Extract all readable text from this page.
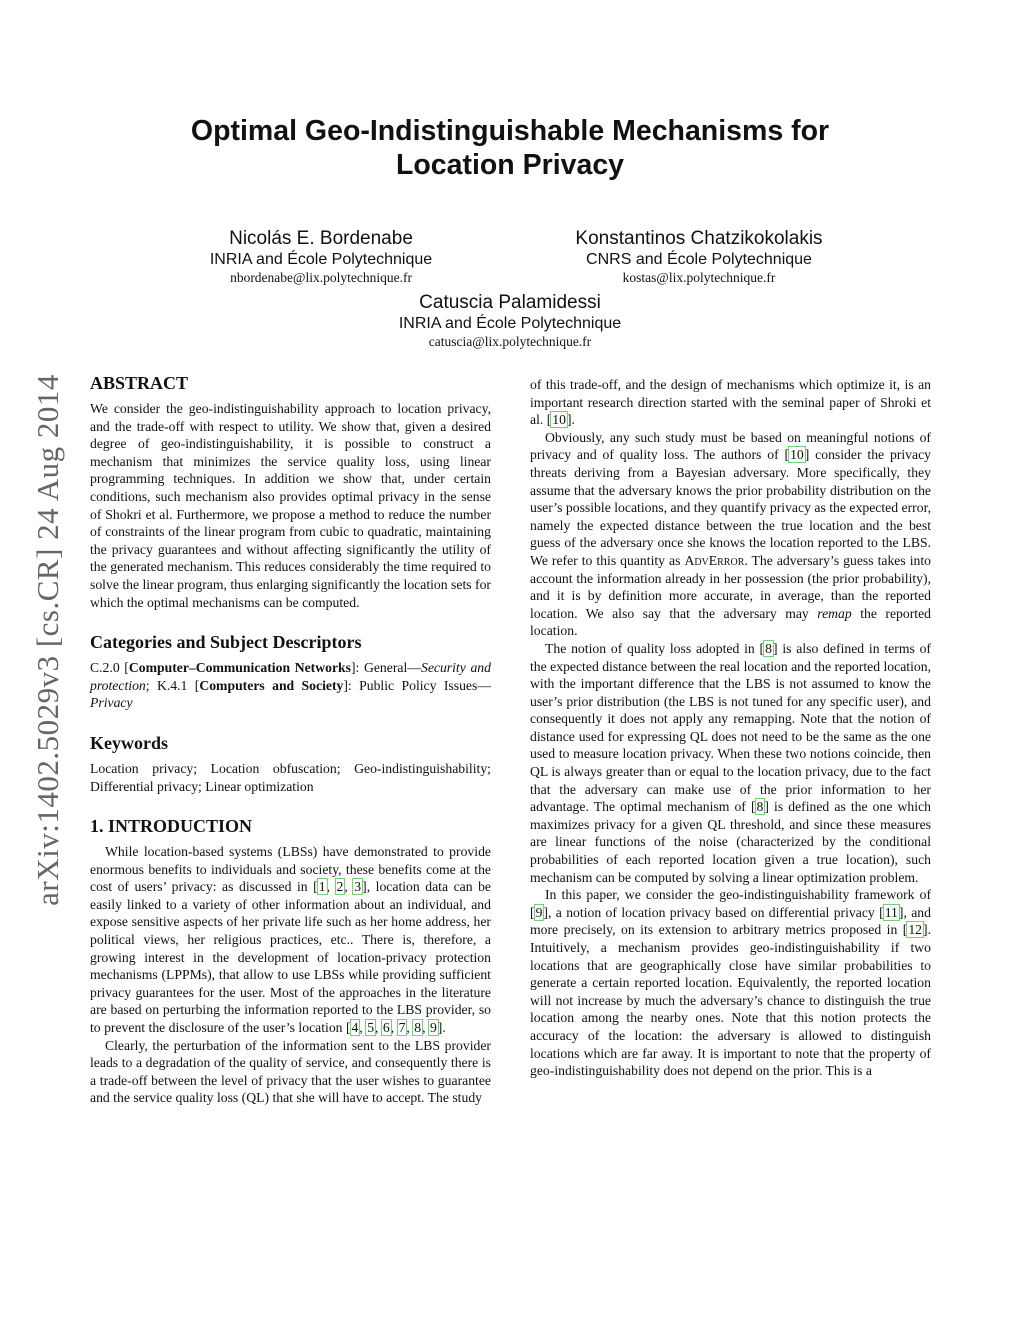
arXiv:1402.5029v3 [cs.CR] 24 Aug 2014
Optimal Geo-Indistinguishable Mechanisms for
Location Privacy
Nicolás E. Bordenabe
INRIA and École Polytechnique
nbordenabe@lix.polytechnique.fr
Konstantinos Chatzikokolakis
CNRS and École Polytechnique
kostas@lix.polytechnique.fr
Catuscia Palamidessi
INRIA and École Polytechnique
catuscia@lix.polytechnique.fr
ABSTRACT

We consider the geo-indistinguishability approach to location privacy, and the trade-off with respect to utility. We show that, given a desired degree of geo-indistinguishability, it is possible to construct a mechanism that minimizes the service quality loss, using linear programming techniques. In addition we show that, under certain conditions, such mechanism also provides optimal privacy in the sense of Shokri et al. Furthermore, we propose a method to reduce the number of constraints of the linear program from cubic to quadratic, maintaining the privacy guarantees and without affecting significantly the utility of the generated mechanism. This reduces considerably the time required to solve the linear program, thus enlarging significantly the location sets for which the optimal mechanisms can be computed.

Categories and Subject Descriptors

C.2.0 [Computer–Communication Networks]: General—Security and protection; K.4.1 [Computers and Society]: Public Policy Issues—Privacy

Keywords

Location privacy; Location obfuscation; Geo-indistinguishability; Differential privacy; Linear optimization

1. INTRODUCTION

While location-based systems (LBSs) have demonstrated to provide enormous benefits to individuals and society, these benefits come at the cost of users’ privacy: as discussed in [1, 2, 3], location data can be easily linked to a variety of other information about an individual, and expose sensitive aspects of her private life such as her home address, her political views, her religious practices, etc.. There is, therefore, a growing interest in the development of location-privacy protection mechanisms (LPPMs), that allow to use LBSs while providing sufficient privacy guarantees for the user. Most of the approaches in the literature are based on perturbing the information reported to the LBS provider, so to prevent the disclosure of the user’s location [4, 5, 6, 7, 8, 9].

Clearly, the perturbation of the information sent to the LBS provider leads to a degradation of the quality of service, and consequently there is a trade-off between the level of privacy that the user wishes to guarantee and the service quality loss (QL) that she will have to accept. The study

of this trade-off, and the design of mechanisms which optimize it, is an important research direction started with the seminal paper of Shroki et al. [10].

Obviously, any such study must be based on meaningful notions of privacy and of quality loss. The authors of [10] consider the privacy threats deriving from a Bayesian adversary. More specifically, they assume that the adversary knows the prior probability distribution on the user’s possible locations, and they quantify privacy as the expected error, namely the expected distance between the true location and the best guess of the adversary once she knows the location reported to the LBS. We refer to this quantity as AdvError. The adversary’s guess takes into account the information already in her possession (the prior probability), and it is by definition more accurate, in average, than the reported location. We also say that the adversary may remap the reported location.

The notion of quality loss adopted in [8] is also defined in terms of the expected distance between the real location and the reported location, with the important difference that the LBS is not assumed to know the user’s prior distribution (the LBS is not tuned for any specific user), and consequently it does not apply any remapping. Note that the notion of distance used for expressing QL does not need to be the same as the one used to measure location privacy. When these two notions coincide, then QL is always greater than or equal to the location privacy, due to the fact that the adversary can make use of the prior information to her advantage. The optimal mechanism of [8] is defined as the one which maximizes privacy for a given QL threshold, and since these measures are linear functions of the noise (characterized by the conditional probabilities of each reported location given a true location), such mechanism can be computed by solving a linear optimization problem.

In this paper, we consider the geo-indistinguishability framework of [9], a notion of location privacy based on differential privacy [11], and more precisely, on its extension to arbitrary metrics proposed in [12]. Intuitively, a mechanism provides geo-indistinguishability if two locations that are geographically close have similar probabilities to generate a certain reported location. Equivalently, the reported location will not increase by much the adversary’s chance to distinguish the true location among the nearby ones. Note that this notion protects the accuracy of the location: the adversary is allowed to distinguish locations which are far away. It is important to note that the property of geo-indistinguishability does not depend on the prior. This is a
